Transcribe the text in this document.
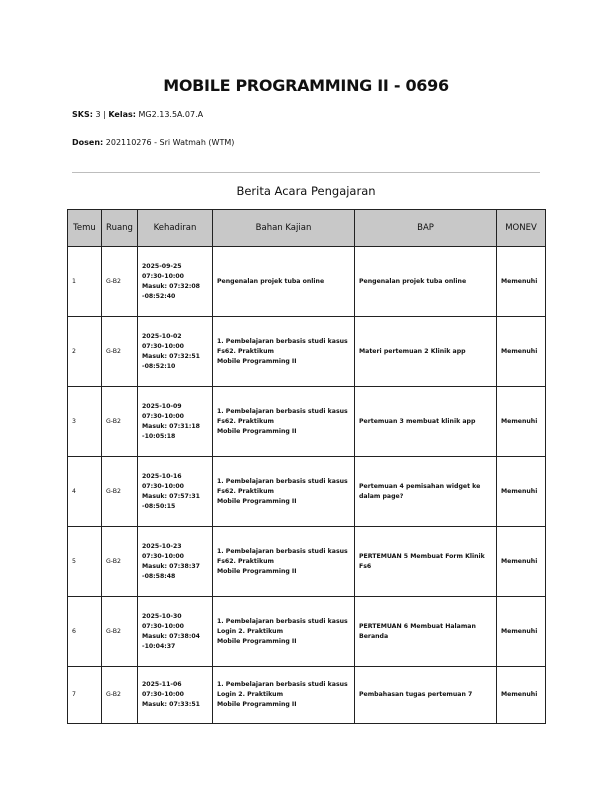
MOBILE PROGRAMMING II - 0696
SKS: 3 | Kelas: MG2.13.5A.07.A
Dosen: 202110276 - Sri Watmah (WTM)
Berita Acara Pengajaran
Temu	Ruang	Kehadiran	Bahan Kajian	BAP	MONEV
1	G-B2	2025-09-25
07:30-10:00
Masuk: 07:32:08
-08:52:40	Pengenalan projek tuba online	Pengenalan projek tuba online	Memenuhi
2	G-B2	2025-10-02
07:30-10:00
Masuk: 07:32:51
-08:52:10	1. Pembelajaran berbasis studi kasus
Fs62. Praktikum
Mobile Programming II	Materi pertemuan 2 Klinik app	Memenuhi
3	G-B2	2025-10-09
07:30-10:00
Masuk: 07:31:18
-10:05:18	1. Pembelajaran berbasis studi kasus
Fs62. Praktikum
Mobile Programming II	Pertemuan 3 membuat klinik app	Memenuhi
4	G-B2	2025-10-16
07:30-10:00
Masuk: 07:57:31
-08:50:15	1. Pembelajaran berbasis studi kasus
Fs62. Praktikum
Mobile Programming II	Pertemuan 4 pemisahan widget ke dalam page?	Memenuhi
5	G-B2	2025-10-23
07:30-10:00
Masuk: 07:38:37
-08:58:48	1. Pembelajaran berbasis studi kasus
Fs62. Praktikum
Mobile Programming II	PERTEMUAN 5 Membuat Form Klinik Fs6	Memenuhi
6	G-B2	2025-10-30
07:30-10:00
Masuk: 07:38:04
-10:04:37	1. Pembelajaran berbasis studi kasus
Login 2. Praktikum
Mobile Programming II	PERTEMUAN 6 Membuat Halaman Beranda	Memenuhi
7	G-B2	2025-11-06
07:30-10:00
Masuk: 07:33:51	1. Pembelajaran berbasis studi kasus
Login 2. Praktikum
Mobile Programming II	Pembahasan tugas pertemuan 7	Memenuhi
